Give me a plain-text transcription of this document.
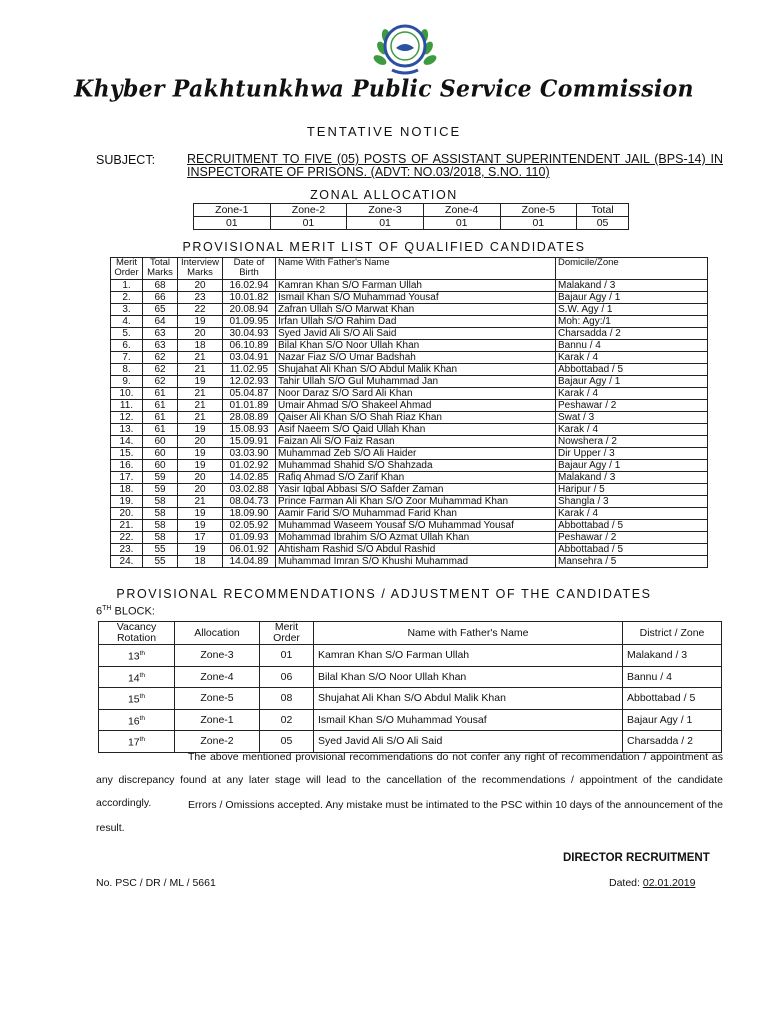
Khyber Pakhtunkhwa Public Service Commission
TENTATIVE NOTICE
SUBJECT:	RECRUITMENT TO FIVE (05) POSTS OF ASSISTANT SUPERINTENDENT JAIL (BPS-14) IN INSPECTORATE OF PRISONS. (ADVT: NO.03/2018, S.NO. 110)
ZONAL ALLOCATION
Zone-1	Zone-2	Zone-3	Zone-4	Zone-5	Total
01	01	01	01	01	05
PROVISIONAL MERIT LIST OF QUALIFIED CANDIDATES
Merit Order	Total Marks	Interview Marks	Date of Birth	Name With Father's Name	Domicile/Zone
1.	68	20	16.02.94	Kamran Khan S/O Farman Ullah	Malakand / 3
2.	66	23	10.01.82	Ismail Khan S/O Muhammad Yousaf	Bajaur Agy / 1
3.	65	22	20.08.94	Zafran Ullah S/O Marwat Khan	S.W. Agy / 1
4.	64	19	01.09.95	Irfan Ullah S/O Rahim Dad	Moh: Agy:/1
5.	63	20	30.04.93	Syed Javid Ali S/O Ali Said	Charsadda / 2
6.	63	18	06.10.89	Bilal Khan S/O Noor Ullah Khan	Bannu / 4
7.	62	21	03.04.91	Nazar Fiaz S/O Umar Badshah	Karak / 4
8.	62	21	11.02.95	Shujahat Ali Khan S/O Abdul Malik Khan	Abbottabad / 5
9.	62	19	12.02.93	Tahir Ullah S/O Gul Muhammad Jan	Bajaur Agy / 1
10.	61	21	05.04.87	Noor Daraz S/O Sard Ali Khan	Karak / 4
11.	61	21	01.01.89	Umair Ahmad S/O Shakeel Ahmad	Peshawar / 2
12.	61	21	28.08.89	Qaiser Ali Khan S/O Shah Riaz Khan	Swat / 3
13.	61	19	15.08.93	Asif Naeem S/O Qaid Ullah Khan	Karak / 4
14.	60	20	15.09.91	Faizan Ali S/O Faiz Rasan	Nowshera / 2
15.	60	19	03.03.90	Muhammad Zeb S/O Ali Haider	Dir Upper / 3
16.	60	19	01.02.92	Muhammad Shahid S/O Shahzada	Bajaur Agy / 1
17.	59	20	14.02.85	Rafiq Ahmad S/O Zarif Khan	Malakand / 3
18.	59	20	03.02.88	Yasir Iqbal Abbasi S/O Safder Zaman	Haripur / 5
19.	58	21	08.04.73	Prince Farman Ali Khan S/O Zoor Muhammad Khan	Shangla / 3
20.	58	19	18.09.90	Aamir Farid S/O Muhammad Farid Khan	Karak / 4
21.	58	19	02.05.92	Muhammad Waseem Yousaf S/O Muhammad Yousaf	Abbottabad / 5
22.	58	17	01.09.93	Mohammad Ibrahim S/O Azmat Ullah Khan	Peshawar / 2
23.	55	19	06.01.92	Ahtisham Rashid S/O Abdul Rashid	Abbottabad / 5
24.	55	18	14.04.89	Muhammad Imran S/O Khushi Muhammad	Mansehra / 5
PROVISIONAL RECOMMENDATIONS / ADJUSTMENT OF THE CANDIDATES
6TH BLOCK:
Vacancy Rotation	Allocation	Merit Order	Name with Father's Name	District / Zone
13th	Zone-3	01	Kamran Khan S/O Farman Ullah	Malakand / 3
14th	Zone-4	06	Bilal Khan S/O Noor Ullah Khan	Bannu / 4
15th	Zone-5	08	Shujahat Ali Khan S/O Abdul Malik Khan	Abbottabad / 5
16th	Zone-1	02	Ismail Khan S/O Muhammad Yousaf	Bajaur Agy / 1
17th	Zone-2	05	Syed Javid Ali S/O Ali Said	Charsadda / 2
The above mentioned provisional recommendations do not confer any right of recommendation / appointment as any discrepancy found at any later stage will lead to the cancellation of the recommendations / appointment of the candidate accordingly.	Errors / Omissions accepted. Any mistake must be intimated to the PSC within 10 days of the announcement of the result.
DIRECTOR RECRUITMENT
No. PSC / DR / ML / 5661	Dated: 02.01.2019
